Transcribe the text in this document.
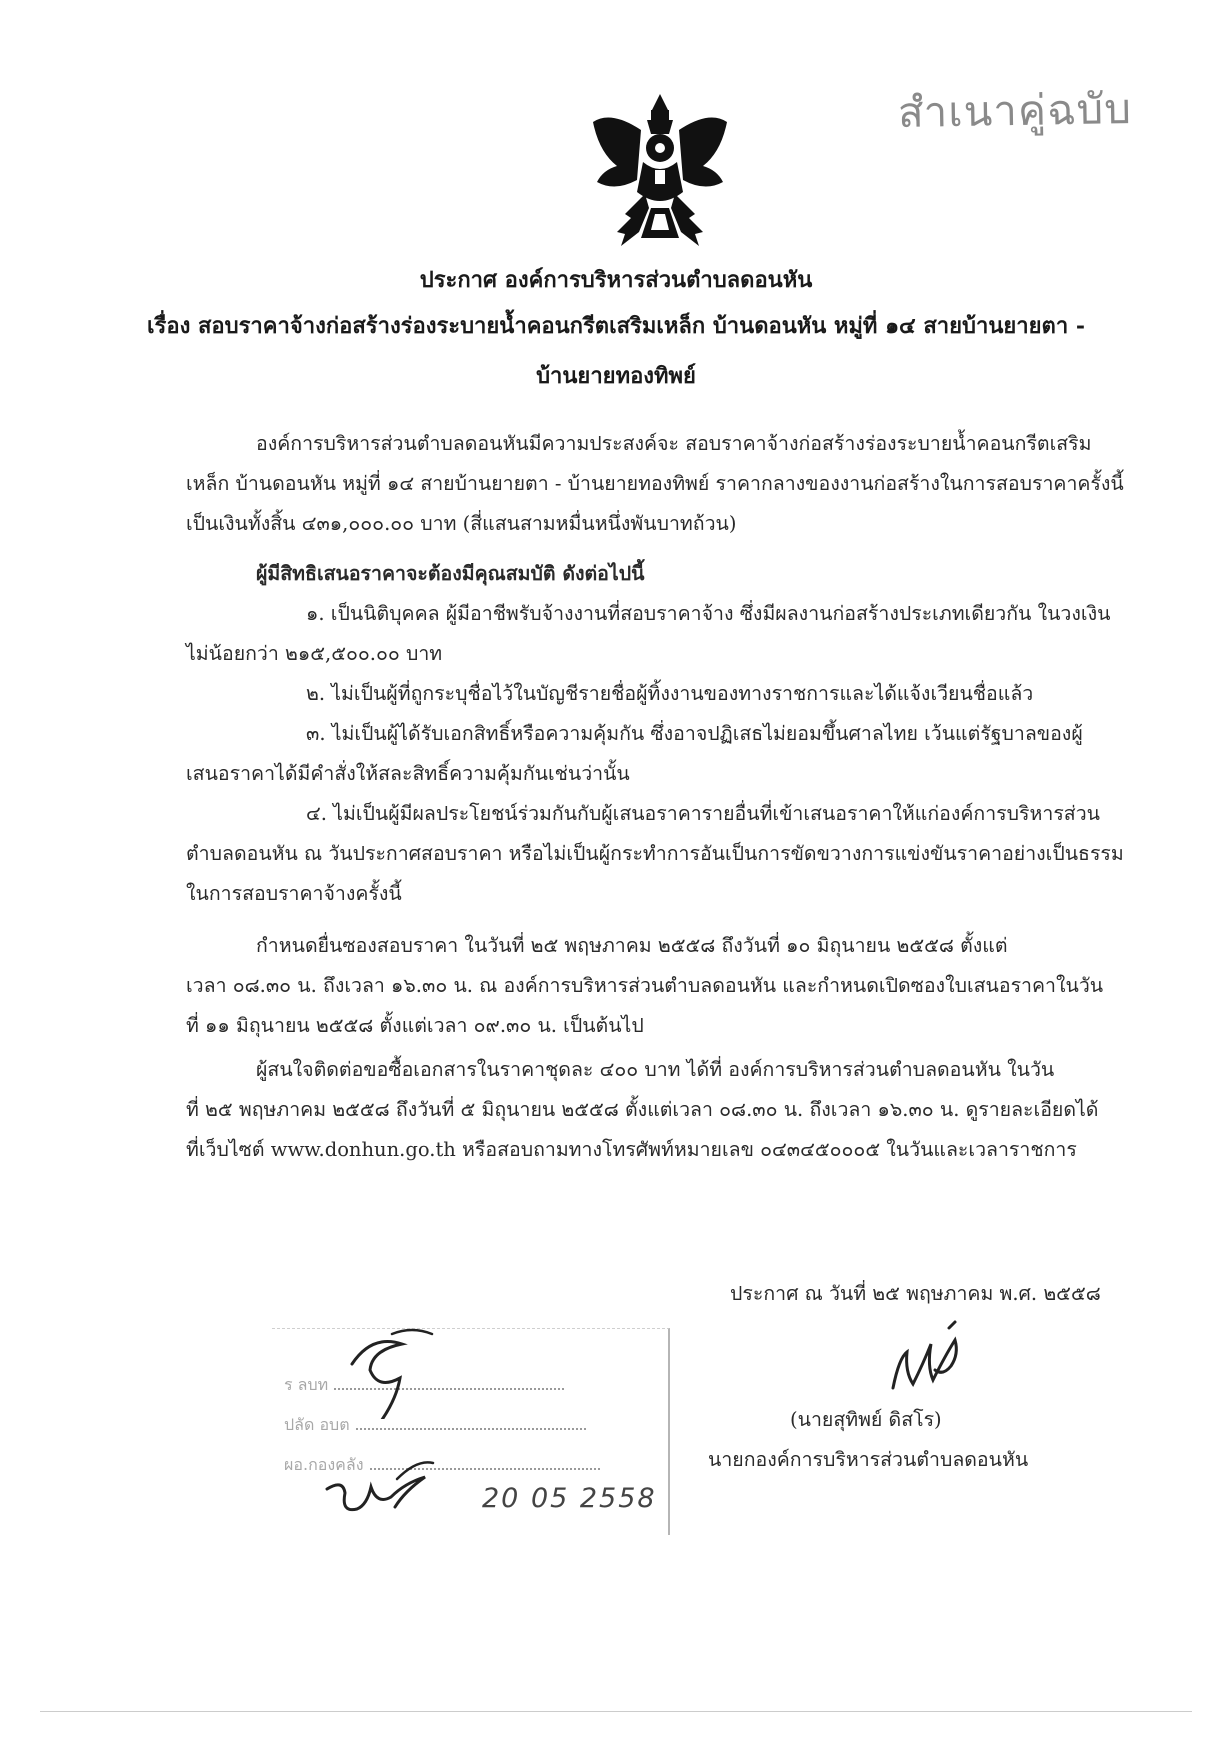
สำเนาคู่ฉบับ
ประกาศ องค์การบริหารส่วนตำบลดอนหัน
เรื่อง สอบราคาจ้างก่อสร้างร่องระบายน้ำคอนกรีตเสริมเหล็ก บ้านดอนหัน หมู่ที่ ๑๔ สายบ้านยายตา -
บ้านยายทองทิพย์
องค์การบริหารส่วนตำบลดอนหันมีความประสงค์จะ สอบราคาจ้างก่อสร้างร่องระบายน้ำคอนกรีตเสริม
เหล็ก บ้านดอนหัน หมู่ที่ ๑๔ สายบ้านยายตา - บ้านยายทองทิพย์ ราคากลางของงานก่อสร้างในการสอบราคาครั้งนี้
เป็นเงินทั้งสิ้น ๔๓๑,๐๐๐.๐๐ บาท (สี่แสนสามหมื่นหนึ่งพันบาทถ้วน)
ผู้มีสิทธิเสนอราคาจะต้องมีคุณสมบัติ ดังต่อไปนี้
๑. เป็นนิติบุคคล ผู้มีอาชีพรับจ้างงานที่สอบราคาจ้าง ซึ่งมีผลงานก่อสร้างประเภทเดียวกัน ในวงเงิน
ไม่น้อยกว่า ๒๑๕,๕๐๐.๐๐ บาท
๒. ไม่เป็นผู้ที่ถูกระบุชื่อไว้ในบัญชีรายชื่อผู้ทิ้งงานของทางราชการและได้แจ้งเวียนชื่อแล้ว
๓. ไม่เป็นผู้ได้รับเอกสิทธิ์หรือความคุ้มกัน ซึ่งอาจปฏิเสธไม่ยอมขึ้นศาลไทย เว้นแต่รัฐบาลของผู้
เสนอราคาได้มีคำสั่งให้สละสิทธิ์ความคุ้มกันเช่นว่านั้น
๔. ไม่เป็นผู้มีผลประโยชน์ร่วมกันกับผู้เสนอราคารายอื่นที่เข้าเสนอราคาให้แก่องค์การบริหารส่วน
ตำบลดอนหัน ณ วันประกาศสอบราคา หรือไม่เป็นผู้กระทำการอันเป็นการขัดขวางการแข่งขันราคาอย่างเป็นธรรม
ในการสอบราคาจ้างครั้งนี้
กำหนดยื่นซองสอบราคา ในวันที่ ๒๕ พฤษภาคม ๒๕๕๘ ถึงวันที่ ๑๐ มิถุนายน ๒๕๕๘ ตั้งแต่
เวลา ๐๘.๓๐ น. ถึงเวลา ๑๖.๓๐ น. ณ องค์การบริหารส่วนตำบลดอนหัน และกำหนดเปิดซองใบเสนอราคาในวัน
ที่ ๑๑ มิถุนายน ๒๕๕๘ ตั้งแต่เวลา ๐๙.๓๐ น. เป็นต้นไป
ผู้สนใจติดต่อขอซื้อเอกสารในราคาชุดละ ๔๐๐ บาท ได้ที่ องค์การบริหารส่วนตำบลดอนหัน ในวัน
ที่ ๒๕ พฤษภาคม ๒๕๕๘ ถึงวันที่ ๕ มิถุนายน ๒๕๕๘ ตั้งแต่เวลา ๐๘.๓๐ น. ถึงเวลา ๑๖.๓๐ น. ดูรายละเอียดได้
ที่เว็บไซต์ www.donhun.go.th หรือสอบถามทางโทรศัพท์หมายเลข ๐๔๓๔๕๐๐๐๕ ในวันและเวลาราชการ
ประกาศ ณ วันที่ ๒๕ พฤษภาคม พ.ศ. ๒๕๕๘
(นายสุทิพย์ ดิสโร)
นายกองค์การบริหารส่วนตำบลดอนหัน
ร ลบท
ปลัด อบต
ผอ.กองคลัง
20 05 2558
